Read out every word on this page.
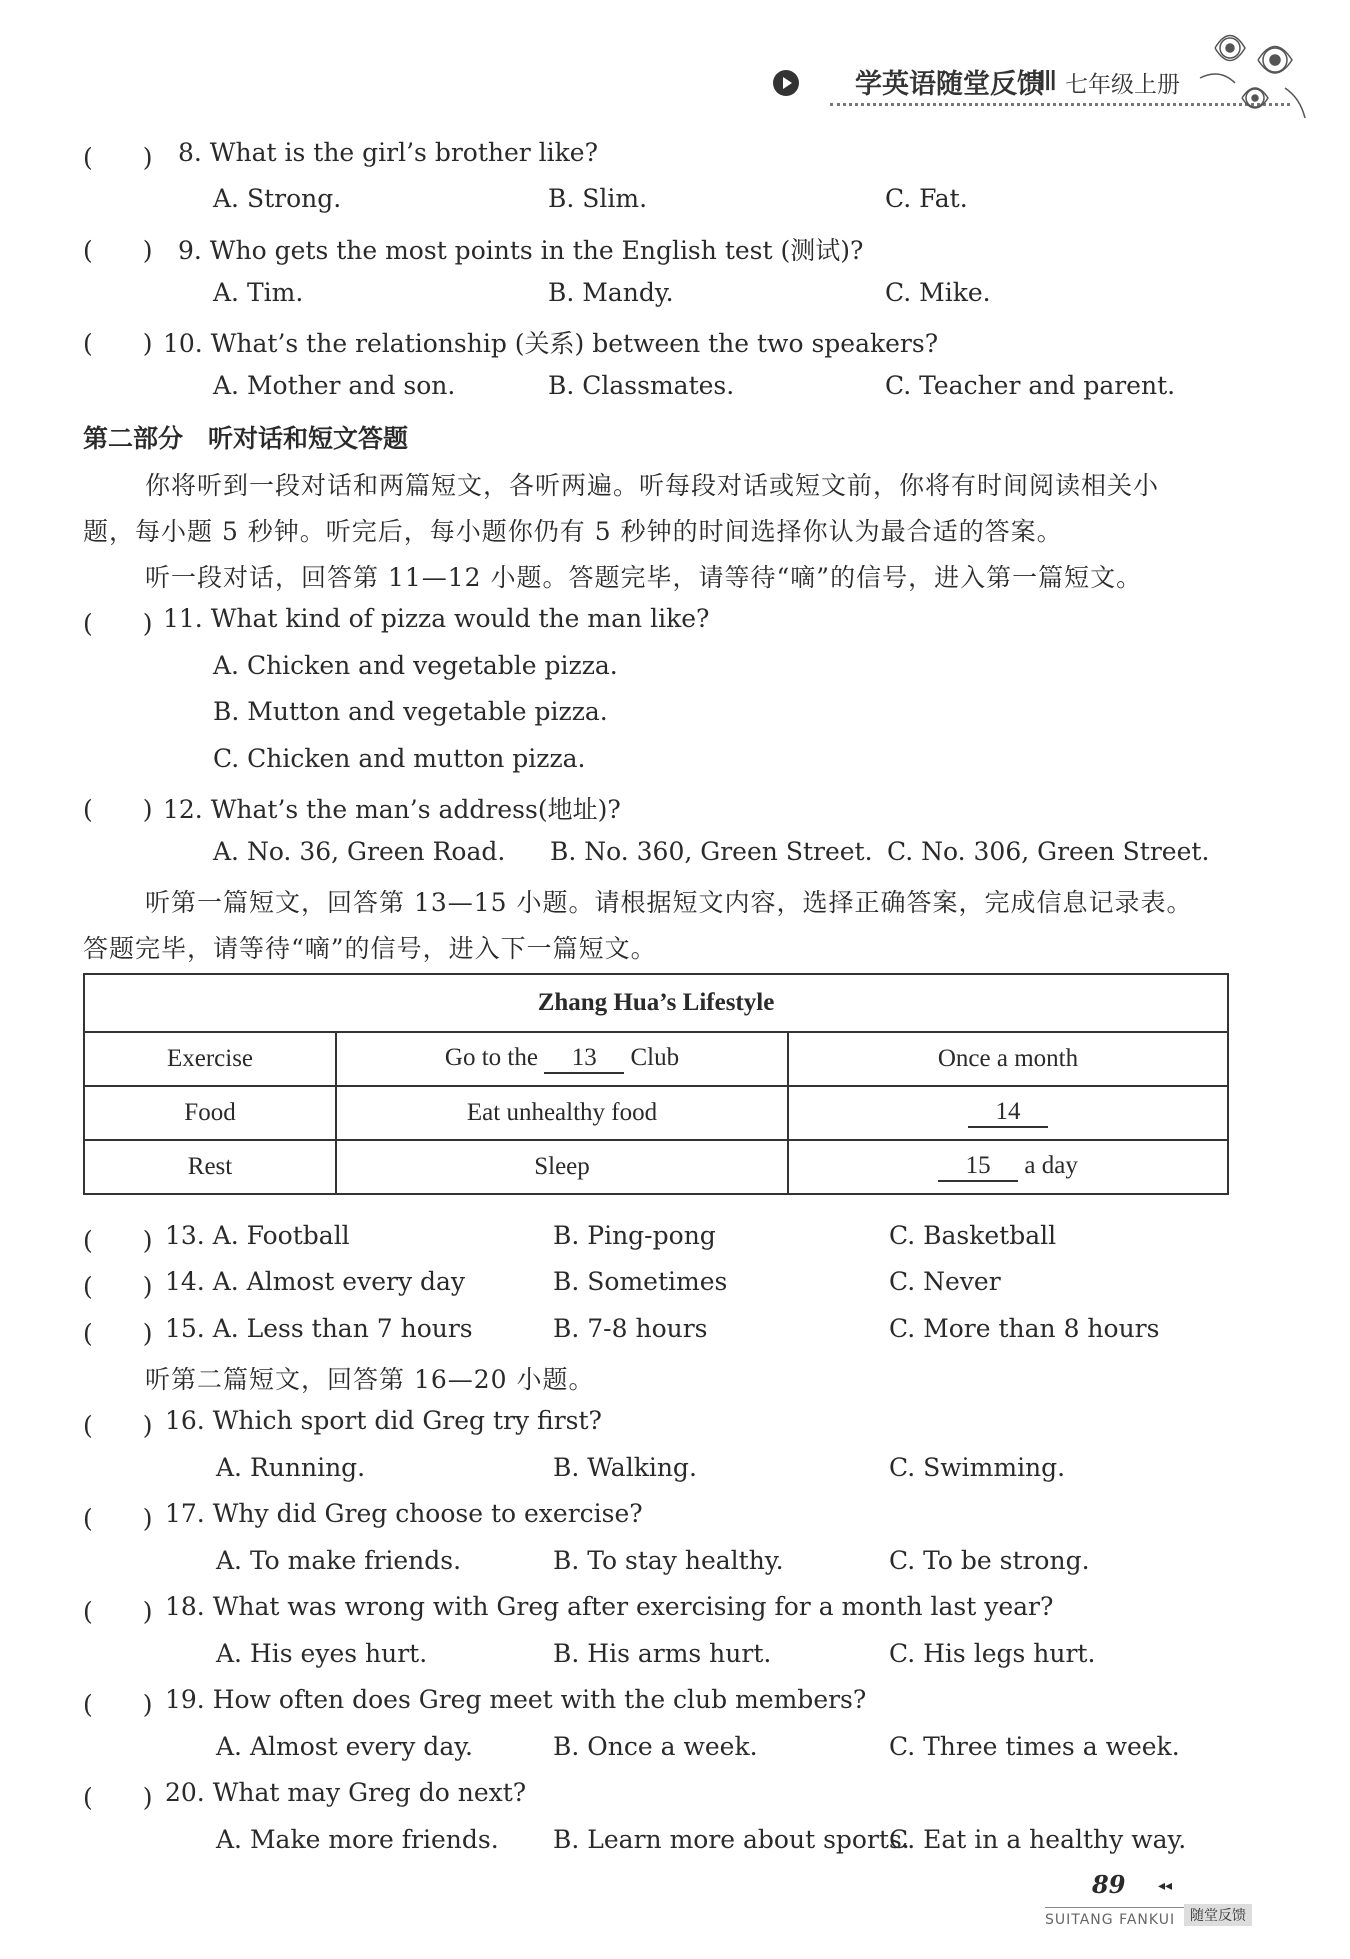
学英语随堂反馈
Ⅲ 七年级上册
(　　) 8. What is the girl’s brother like?
A. Strong.	B. Slim.	C. Fat.
(　　) 9. Who gets the most points in the English test (测试)?
A. Tim.	B. Mandy.	C. Mike.
(　　) 10. What’s the relationship (关系) between the two speakers?
A. Mother and son.	B. Classmates.	C. Teacher and parent.
第二部分　听对话和短文答题
你将听到一段对话和两篇短文，各听两遍。听每段对话或短文前，你将有时间阅读相关小
题，每小题 5 秒钟。听完后，每小题你仍有 5 秒钟的时间选择你认为最合适的答案。
听一段对话，回答第 11—12 小题。答题完毕，请等待“嘀”的信号，进入第一篇短文。
(　　) 11. What kind of pizza would the man like?
A. Chicken and vegetable pizza.
B. Mutton and vegetable pizza.
C. Chicken and mutton pizza.
(　　) 12. What’s the man’s address(地址)?
A. No. 36, Green Road. B. No. 360, Green Street. C. No. 306, Green Street.
听第一篇短文，回答第 13—15 小题。请根据短文内容，选择正确答案，完成信息记录表。
答题完毕，请等待“嘀”的信号，进入下一篇短文。
Zhang Hua’s Lifestyle		
Exercise	Go to the 13 Club	Once a month
Food	Eat unhealthy food	14
Rest	Sleep	15 a day
(　　) 13. A. Football	B. Ping-pong	C. Basketball
(　　) 14. A. Almost every day	B. Sometimes	C. Never
(　　) 15. A. Less than 7 hours	B. 7-8 hours	C. More than 8 hours
听第二篇短文，回答第 16—20 小题。
(　　) 16. Which sport did Greg try first?
A. Running.	B. Walking.	C. Swimming.
(　　) 17. Why did Greg choose to exercise?
A. To make friends.	B. To stay healthy.	C. To be strong.
(　　) 18. What was wrong with Greg after exercising for a month last year?
A. His eyes hurt.	B. His arms hurt.	C. His legs hurt.
(　　) 19. How often does Greg meet with the club members?
A. Almost every day.	B. Once a week.	C. Three times a week.
(　　) 20. What may Greg do next?
A. Make more friends. B. Learn more about sports.
C. Eat in a healthy way.
89 ◂◂
SUITANG FANKUI	随堂反馈
